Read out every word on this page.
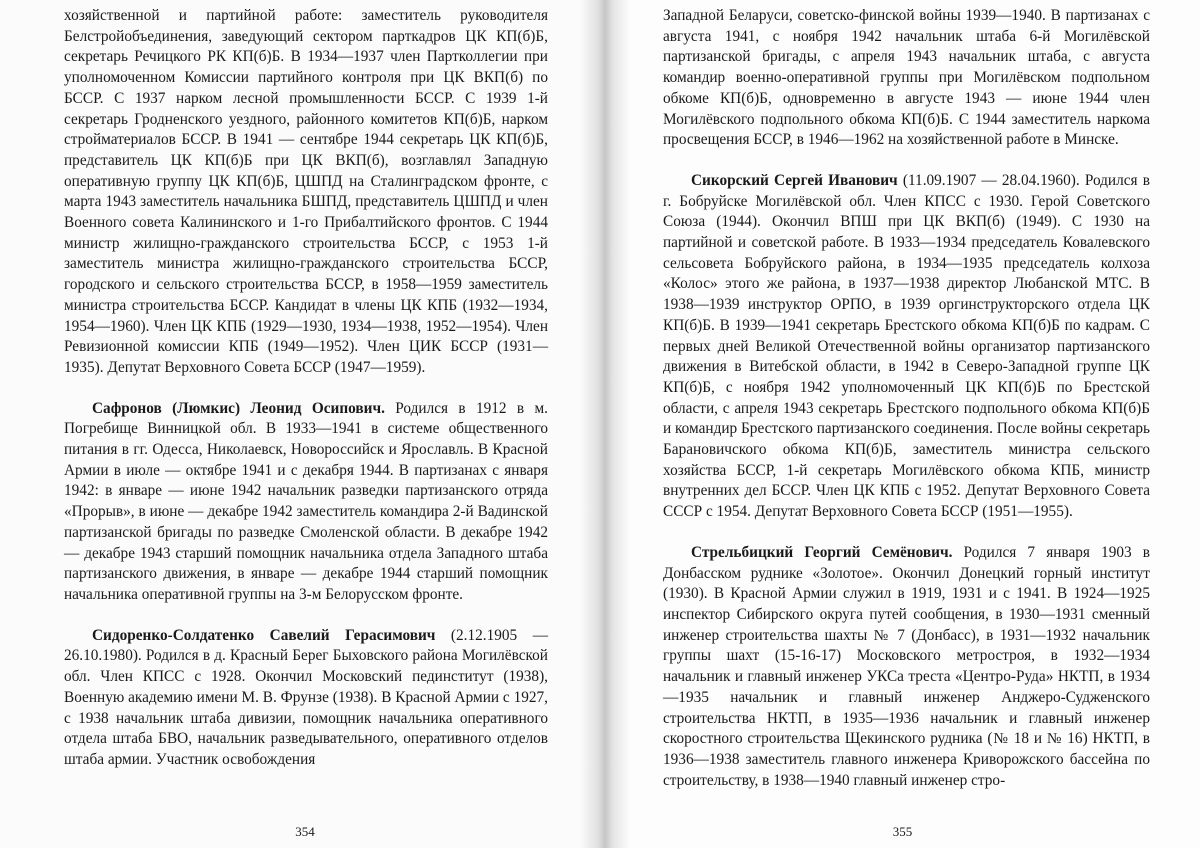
хозяйственной и партийной работе: заместитель руководителя Белстройобъединения, заведующий сектором парткадров ЦК КП(б)Б, секретарь Речицкого РК КП(б)Б. В 1934—1937 член Партколлегии при уполномоченном Комиссии партийного контроля при ЦК ВКП(б) по БССР. С 1937 нарком лесной промышленности БССР. С 1939 1-й секретарь Гродненского уездного, районного комитетов КП(б)Б, нарком стройматериалов БССР. В 1941 — сентябре 1944 секретарь ЦК КП(б)Б, представитель ЦК КП(б)Б при ЦК ВКП(б), возглавлял Западную оперативную группу ЦК КП(б)Б, ЦШПД на Сталинградском фронте, с марта 1943 заместитель начальника БШПД, представитель ЦШПД и член Военного совета Калининского и 1-го Прибалтийского фронтов. С 1944 министр жилищно-гражданского строительства БССР, с 1953 1-й заместитель министра жилищно-гражданского строительства БССР, городского и сельского строительства БССР, в 1958—1959 заместитель министра строительства БССР. Кандидат в члены ЦК КПБ (1932—1934, 1954—1960). Член ЦК КПБ (1929—1930, 1934—1938, 1952—1954). Член Ревизионной комиссии КПБ (1949—1952). Член ЦИК БССР (1931—1935). Депутат Верховного Совета БССР (1947—1959).

Сафронов (Люмкис) Леонид Осипович. Родился в 1912 в м. Погребище Винницкой обл. В 1933—1941 в системе общественного питания в гг. Одесса, Николаевск, Новороссийск и Ярославль. В Красной Армии в июле — октябре 1941 и с декабря 1944. В партизанах с января 1942: в январе — июне 1942 начальник разведки партизанского отряда «Прорыв», в июне — декабре 1942 заместитель командира 2-й Вадинской партизанской бригады по разведке Смоленской области. В декабре 1942 — декабре 1943 старший помощник начальника отдела Западного штаба партизанского движения, в январе — декабре 1944 старший помощник начальника оперативной группы на 3-м Белорусском фронте.

Сидоренко-Солдатенко Савелий Герасимович (2.12.1905 — 26.10.1980). Родился в д. Красный Берег Быховского района Могилёвской обл. Член КПСС с 1928. Окончил Московский пединститут (1938), Военную академию имени М. В. Фрунзе (1938). В Красной Армии с 1927, с 1938 начальник штаба дивизии, помощник начальника оперативного отдела штаба БВО, начальник разведывательного, оперативного отделов штаба армии. Участник освобождения

354

Западной Беларуси, советско-финской войны 1939—1940. В партизанах с августа 1941, с ноября 1942 начальник штаба 6-й Могилёвской партизанской бригады, с апреля 1943 начальник штаба, с августа командир военно-оперативной группы при Могилёвском подпольном обкоме КП(б)Б, одновременно в августе 1943 — июне 1944 член Могилёвского подпольного обкома КП(б)Б. С 1944 заместитель наркома просвещения БССР, в 1946—1962 на хозяйственной работе в Минске.

Сикорский Сергей Иванович (11.09.1907 — 28.04.1960). Родился в г. Бобруйске Могилёвской обл. Член КПСС с 1930. Герой Советского Союза (1944). Окончил ВПШ при ЦК ВКП(б) (1949). С 1930 на партийной и советской работе. В 1933—1934 председатель Ковалевского сельсовета Бобруйского района, в 1934—1935 председатель колхоза «Колос» этого же района, в 1937—1938 директор Любанской МТС. В 1938—1939 инструктор ОРПО, в 1939 оргинструкторского отдела ЦК КП(б)Б. В 1939—1941 секретарь Брестского обкома КП(б)Б по кадрам. С первых дней Великой Отечественной войны организатор партизанского движения в Витебской области, в 1942 в Северо-Западной группе ЦК КП(б)Б, с ноября 1942 уполномоченный ЦК КП(б)Б по Брестской области, с апреля 1943 секретарь Брестского подпольного обкома КП(б)Б и командир Брестского партизанского соединения. После войны секретарь Барановичского обкома КП(б)Б, заместитель министра сельского хозяйства БССР, 1-й секретарь Могилёвского обкома КПБ, министр внутренних дел БССР. Член ЦК КПБ с 1952. Депутат Верховного Совета СССР с 1954. Депутат Верховного Совета БССР (1951—1955).

Стрельбицкий Георгий Семёнович. Родился 7 января 1903 в Донбасском руднике «Золотое». Окончил Донецкий горный институт (1930). В Красной Армии служил в 1919, 1931 и с 1941. В 1924—1925 инспектор Сибирского округа путей сообщения, в 1930—1931 сменный инженер строительства шахты № 7 (Донбасс), в 1931—1932 начальник группы шахт (15-16-17) Московского метростроя, в 1932—1934 начальник и главный инженер УКСа треста «Центро-Руда» НКТП, в 1934—1935 начальник и главный инженер Анджеро-Судженского строительства НКТП, в 1935—1936 начальник и главный инженер скоростного строительства Щекинского рудника (№ 18 и № 16) НКТП, в 1936—1938 заместитель главного инженера Криворожского бассейна по строительству, в 1938—1940 главный инженер стро-

355
